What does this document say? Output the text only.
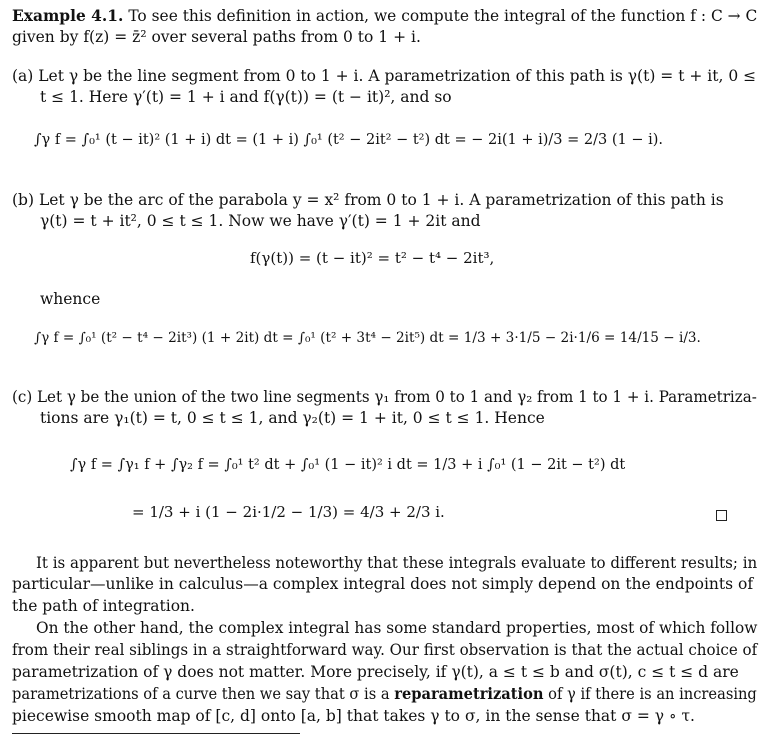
Example 4.1. To see this definition in action, we compute the integral of the function f : C → C
given by f(z) = z̄² over several paths from 0 to 1 + i.
(a) Let γ be the line segment from 0 to 1 + i. A parametrization of this path is γ(t) = t + it, 0 ≤
t ≤ 1. Here γ′(t) = 1 + i and f(γ(t)) = (t − it)², and so
∫γ f = ∫₀¹ (t − it)² (1 + i) dt = (1 + i) ∫₀¹ (t² − 2it² − t²) dt = − 2i(1 + i)/3 = 2/3 (1 − i).
(b) Let γ be the arc of the parabola y = x² from 0 to 1 + i. A parametrization of this path is
γ(t) = t + it², 0 ≤ t ≤ 1. Now we have γ′(t) = 1 + 2it and
f(γ(t)) = (t − it)² = t² − t⁴ − 2it³,
whence
∫γ f = ∫₀¹ (t² − t⁴ − 2it³) (1 + 2it) dt = ∫₀¹ (t² + 3t⁴ − 2it⁵) dt = 1/3 + 3·1/5 − 2i·1/6 = 14/15 − i/3.
(c) Let γ be the union of the two line segments γ₁ from 0 to 1 and γ₂ from 1 to 1 + i. Parametriza-
tions are γ₁(t) = t, 0 ≤ t ≤ 1, and γ₂(t) = 1 + it, 0 ≤ t ≤ 1. Hence
∫γ f = ∫γ₁ f + ∫γ₂ f = ∫₀¹ t² dt + ∫₀¹ (1 − it)² i dt = 1/3 + i ∫₀¹ (1 − 2it − t²) dt
= 1/3 + i (1 − 2i·1/2 − 1/3) = 4/3 + 2/3 i.
It is apparent but nevertheless noteworthy that these integrals evaluate to different results; in
particular—unlike in calculus—a complex integral does not simply depend on the endpoints of
the path of integration.
On the other hand, the complex integral has some standard properties, most of which follow
from their real siblings in a straightforward way. Our first observation is that the actual choice of
parametrization of γ does not matter. More precisely, if γ(t), a ≤ t ≤ b and σ(t), c ≤ t ≤ d are
parametrizations of a curve then we say that σ is a reparametrization of γ if there is an increasing
piecewise smooth map of [c, d] onto [a, b] that takes γ to σ, in the sense that σ = γ ∘ τ.
